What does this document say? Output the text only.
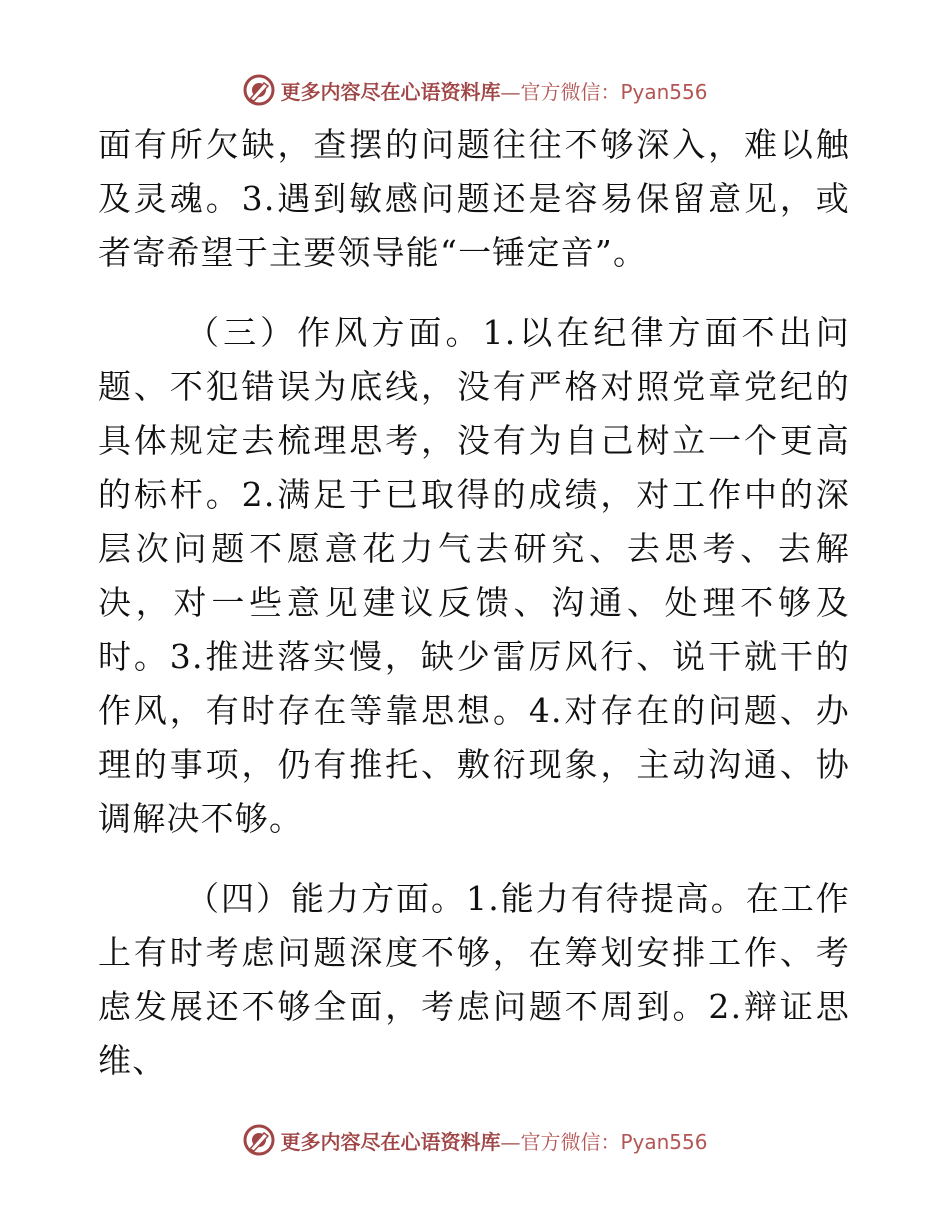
更多内容尽在心语资料库—官方微信：Pyan556

面有所欠缺，查摆的问题往往不够深入，难以触及灵魂。3.遇到敏感问题还是容易保留意见，或者寄希望于主要领导能“一锤定音”。

（三）作风方面。1.以在纪律方面不出问题、不犯错误为底线，没有严格对照党章党纪的具体规定去梳理思考，没有为自己树立一个更高的标杆。2.满足于已取得的成绩，对工作中的深层次问题不愿意花力气去研究、去思考、去解决，对一些意见建议反馈、沟通、处理不够及时。3.推进落实慢，缺少雷厉风行、说干就干的作风，有时存在等靠思想。4.对存在的问题、办理的事项，仍有推托、敷衍现象，主动沟通、协调解决不够。

（四）能力方面。1.能力有待提高。在工作上有时考虑问题深度不够，在筹划安排工作、考虑发展还不够全面，考虑问题不周到。2.辩证思维、

更多内容尽在心语资料库—官方微信：Pyan556
